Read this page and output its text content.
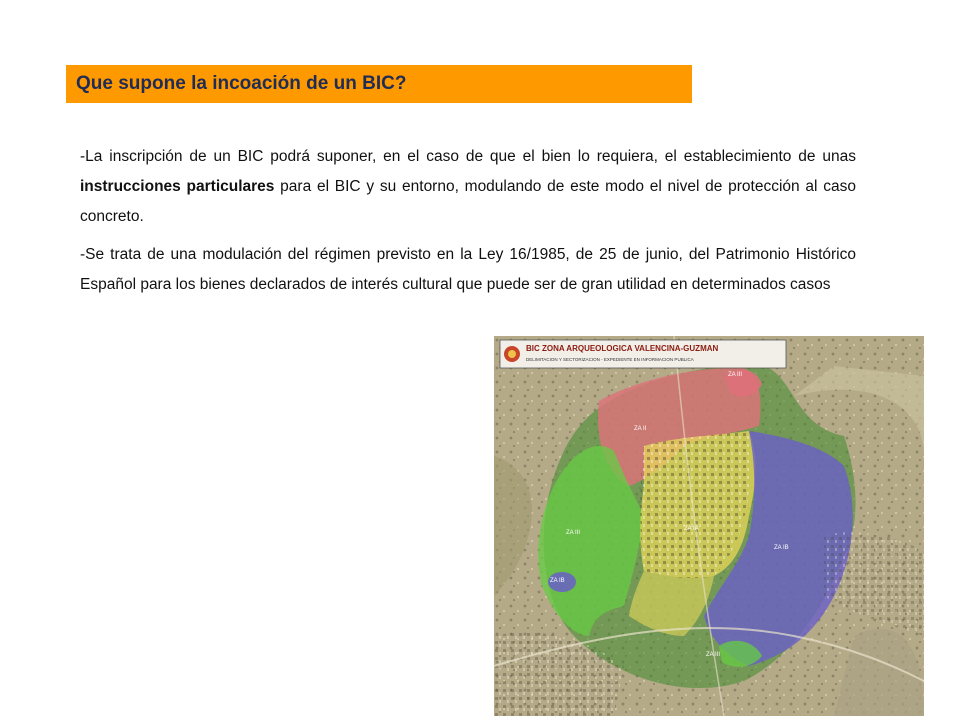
Que supone la incoación de un BIC?

-La inscripción de un BIC podrá suponer, en el caso de que el bien lo requiera, el establecimiento de unas instrucciones particulares para el BIC y su entorno, modulando de este modo el nivel de protección al caso concreto.

-Se trata de una modulación del régimen previsto en la Ley 16/1985, de 25 de junio, del Patrimonio Histórico Español para los bienes declarados de interés cultural que puede ser de gran utilidad en determinados casos

BIC ZONA ARQUEOLOGICA VALENCINA-GUZMAN
DELIMITACION Y SECTORIZACION - EXPEDIENTE EN INFORMACION PUBLICA
ZA III
ZA II
ZA IA
ZA IB
ZA III
ZA IB
ZA III
